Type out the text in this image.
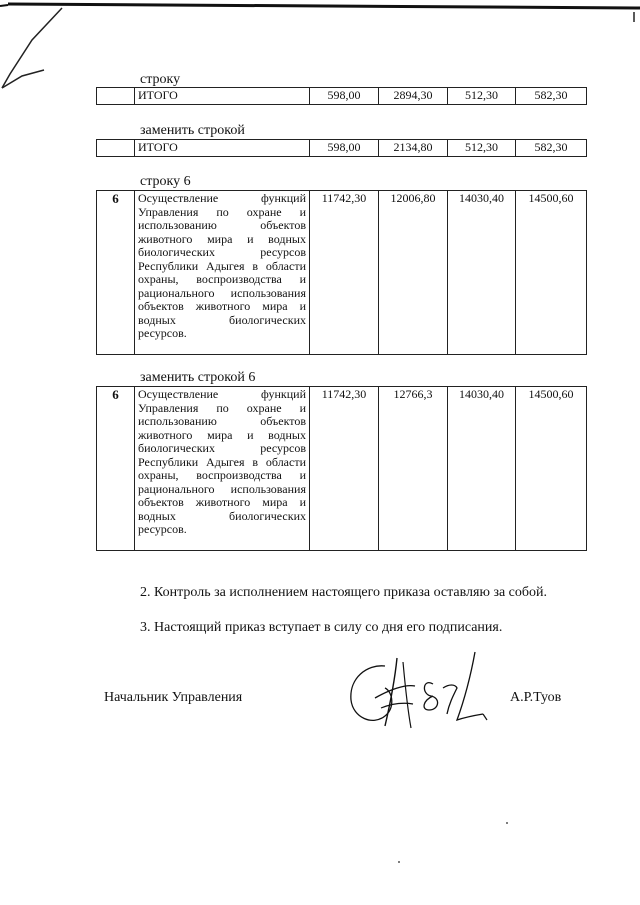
строку
	ИТОГО	598,00	2894,30	512,30	582,30
заменить строкой
	ИТОГО	598,00	2134,80	512,30	582,30
строку 6
6	Осуществление функций
Управления по охране и
использованию объектов
животного мира и водных
биологических ресурсов
Республики Адыгея в области
охраны, воспроизводства и
рационального использования
объектов животного мира и
водных биологических

ресурсов.
	11742,30	12006,80	14030,40	14500,60
заменить строкой 6
6	Осуществление функций
Управления по охране и
использованию объектов
животного мира и водных
биологических ресурсов
Республики Адыгея в области
охраны, воспроизводства и
рационального использования
объектов животного мира и
водных биологических

ресурсов.
	11742,30	12766,3	14030,40	14500,60
2. Контроль за исполнением настоящего приказа оставляю за собой.
3. Настоящий приказ вступает в силу со дня его подписания.
Начальник Управления	А.Р.Туов
